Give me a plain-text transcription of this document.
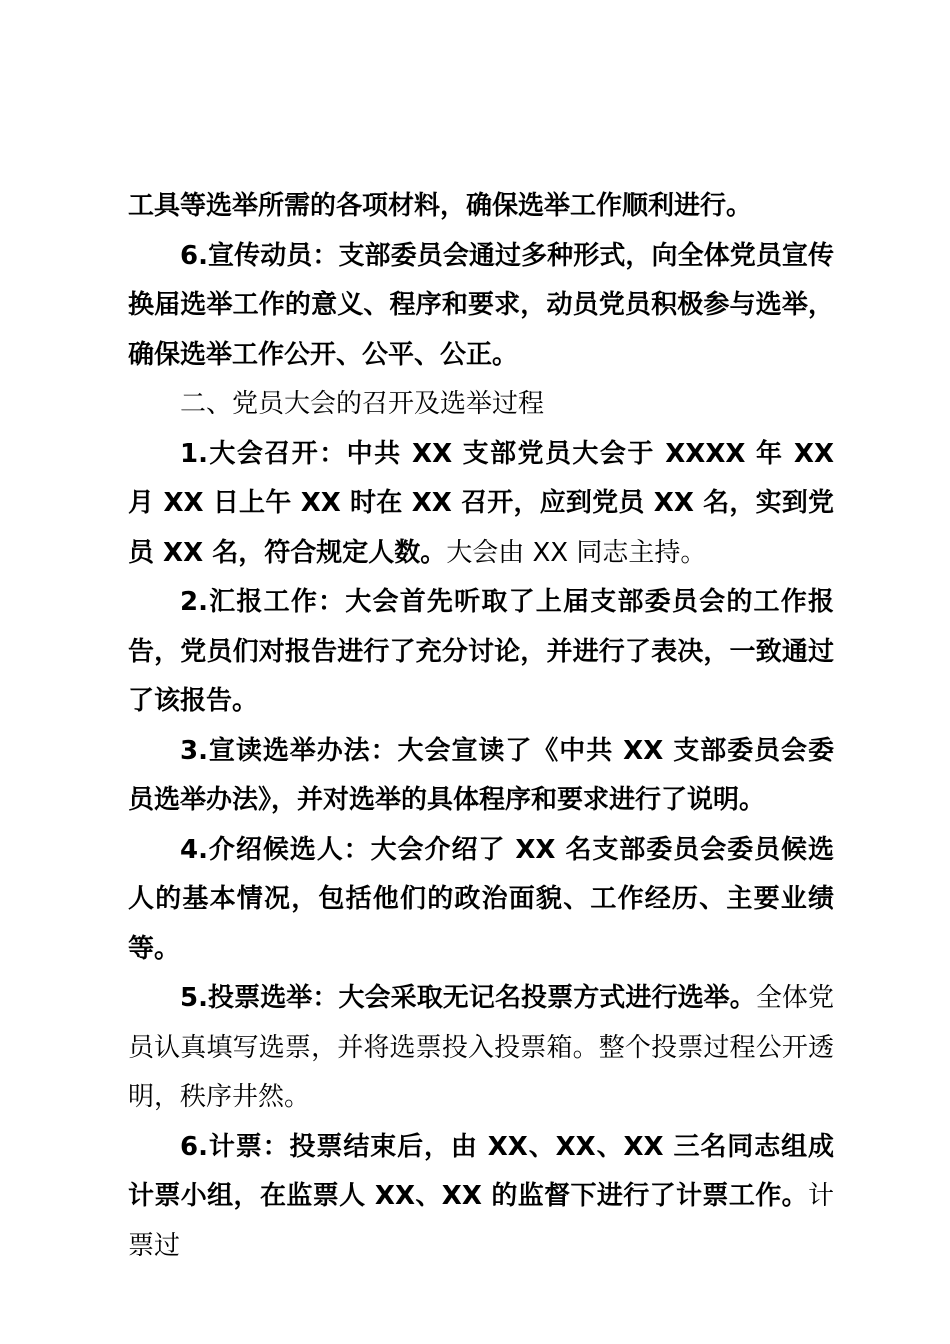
工具等选举所需的各项材料，确保选举工作顺利进行。

6.宣传动员：支部委员会通过多种形式，向全体党员宣传换届选举工作的意义、程序和要求，动员党员积极参与选举，确保选举工作公开、公平、公正。

二、党员大会的召开及选举过程

1.大会召开：中共 XX 支部党员大会于 XXXX 年 XX 月 XX 日上午 XX 时在 XX 召开，应到党员 XX 名，实到党员 XX 名，符合规定人数。大会由 XX 同志主持。

2.汇报工作：大会首先听取了上届支部委员会的工作报告，党员们对报告进行了充分讨论，并进行了表决，一致通过了该报告。

3.宣读选举办法：大会宣读了《中共 XX 支部委员会委员选举办法》，并对选举的具体程序和要求进行了说明。

4.介绍候选人：大会介绍了 XX 名支部委员会委员候选人的基本情况，包括他们的政治面貌、工作经历、主要业绩等。

5.投票选举：大会采取无记名投票方式进行选举。全体党员认真填写选票，并将选票投入投票箱。整个投票过程公开透明，秩序井然。

6.计票：投票结束后，由 XX、XX、XX 三名同志组成计票小组，在监票人 XX、XX 的监督下进行了计票工作。计票过
